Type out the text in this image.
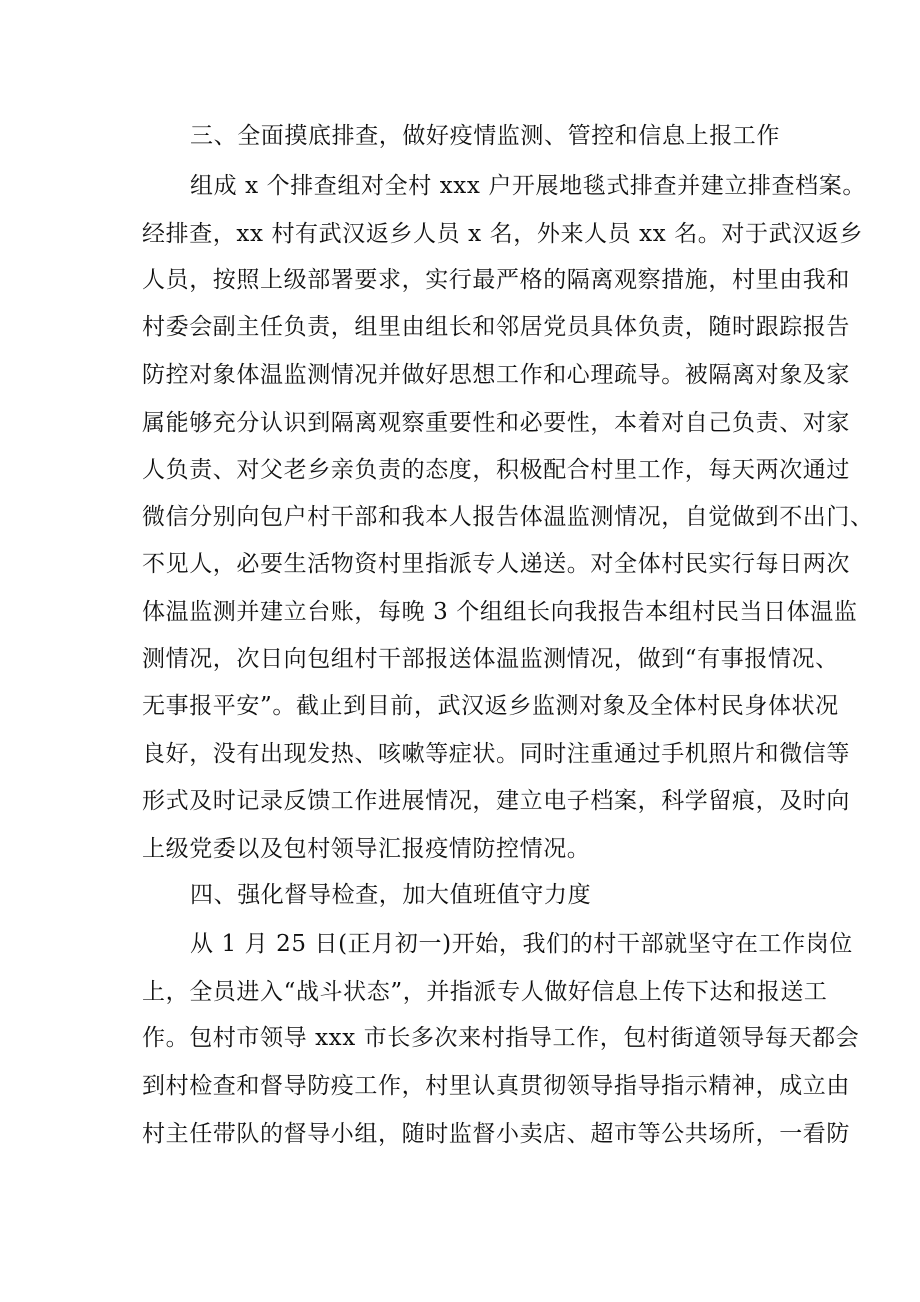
三、全面摸底排查，做好疫情监测、管控和信息上报工作
组成 x 个排查组对全村 xxx 户开展地毯式排查并建立排查档案。
经排查，xx 村有武汉返乡人员 x 名，外来人员 xx 名。对于武汉返乡
人员，按照上级部署要求，实行最严格的隔离观察措施，村里由我和
村委会副主任负责，组里由组长和邻居党员具体负责，随时跟踪报告
防控对象体温监测情况并做好思想工作和心理疏导。被隔离对象及家
属能够充分认识到隔离观察重要性和必要性，本着对自己负责、对家
人负责、对父老乡亲负责的态度，积极配合村里工作，每天两次通过
微信分别向包户村干部和我本人报告体温监测情况，自觉做到不出门、
不见人，必要生活物资村里指派专人递送。对全体村民实行每日两次
体温监测并建立台账，每晚 3 个组组长向我报告本组村民当日体温监
测情况，次日向包组村干部报送体温监测情况，做到“有事报情况、
无事报平安”。截止到目前，武汉返乡监测对象及全体村民身体状况
良好，没有出现发热、咳嗽等症状。同时注重通过手机照片和微信等
形式及时记录反馈工作进展情况，建立电子档案，科学留痕，及时向
上级党委以及包村领导汇报疫情防控情况。
四、强化督导检查，加大值班值守力度
从 1 月 25 日(正月初一)开始，我们的村干部就坚守在工作岗位
上，全员进入“战斗状态”，并指派专人做好信息上传下达和报送工
作。包村市领导 xxx 市长多次来村指导工作，包村街道领导每天都会
到村检查和督导防疫工作，村里认真贯彻领导指导指示精神，成立由
村主任带队的督导小组，随时监督小卖店、超市等公共场所，一看防
